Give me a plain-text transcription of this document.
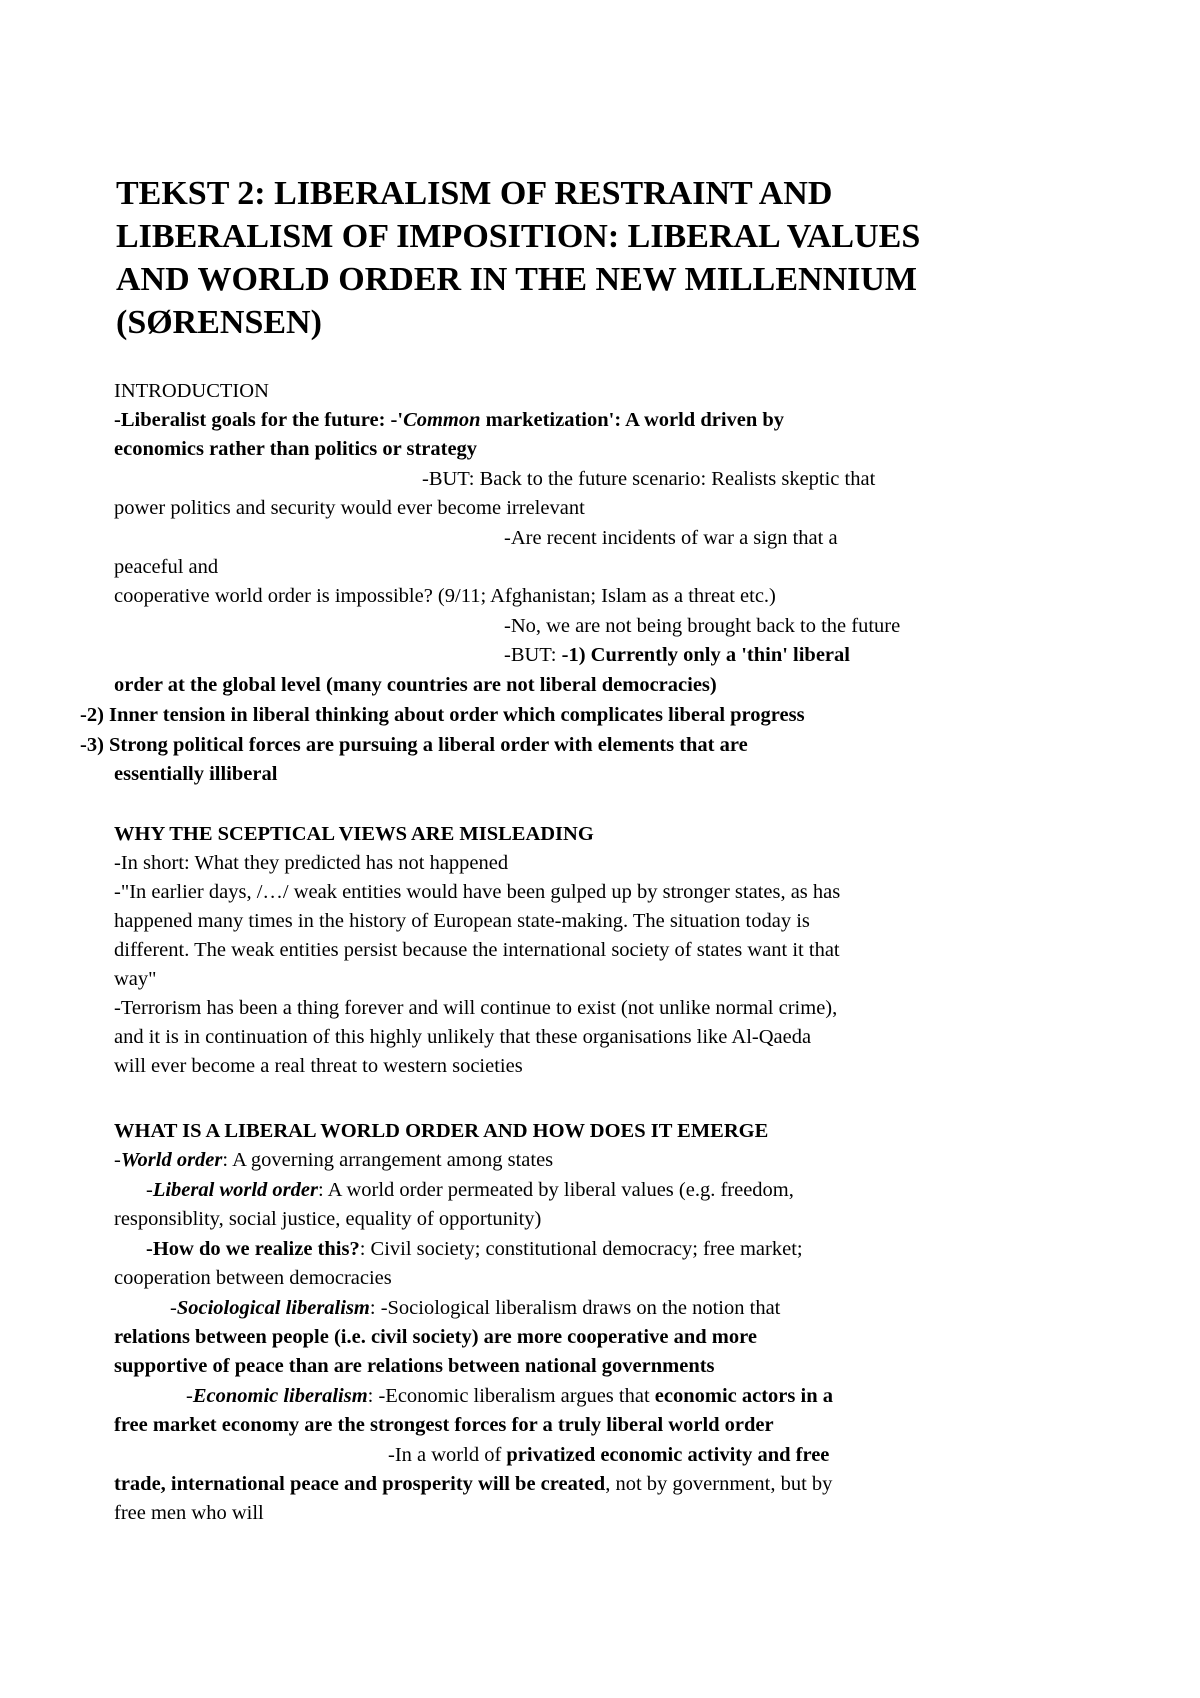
TEKST 2: LIBERALISM OF RESTRAINT AND
LIBERALISM OF IMPOSITION: LIBERAL VALUES
AND WORLD ORDER IN THE NEW MILLENNIUM
(SØRENSEN)
INTRODUCTION
-Liberalist goals for the future: -'Common marketization': A world driven by
economics rather than politics or strategy
-BUT: Back to the future scenario: Realists skeptic that
power politics and security would ever become irrelevant
-Are recent incidents of war a sign that a
peaceful and
cooperative world order is impossible? (9/11; Afghanistan; Islam as a threat etc.)
-No, we are not being brought back to the future
-BUT: -1) Currently only a 'thin' liberal
order at the global level (many countries are not liberal democracies)
-2) Inner tension in liberal thinking about order which complicates liberal progress
-3) Strong political forces are pursuing a liberal order with elements that are
essentially illiberal
WHY THE SCEPTICAL VIEWS ARE MISLEADING
-In short: What they predicted has not happened
-"In earlier days, /…/ weak entities would have been gulped up by stronger states, as has
happened many times in the history of European state-making. The situation today is
different. The weak entities persist because the international society of states want it that
way"
-Terrorism has been a thing forever and will continue to exist (not unlike normal crime),
and it is in continuation of this highly unlikely that these organisations like Al-Qaeda
will ever become a real threat to western societies
WHAT IS A LIBERAL WORLD ORDER AND HOW DOES IT EMERGE
-World order: A governing arrangement among states
-Liberal world order: A world order permeated by liberal values (e.g. freedom,
responsiblity, social justice, equality of opportunity)
-How do we realize this?: Civil society; constitutional democracy; free market;
cooperation between democracies
-Sociological liberalism: -Sociological liberalism draws on the notion that
relations between people (i.e. civil society) are more cooperative and more
supportive of peace than are relations between national governments
-Economic liberalism: -Economic liberalism argues that economic actors in a
free market economy are the strongest forces for a truly liberal world order
-In a world of privatized economic activity and free
trade, international peace and prosperity will be created, not by government, but by
free men who will
